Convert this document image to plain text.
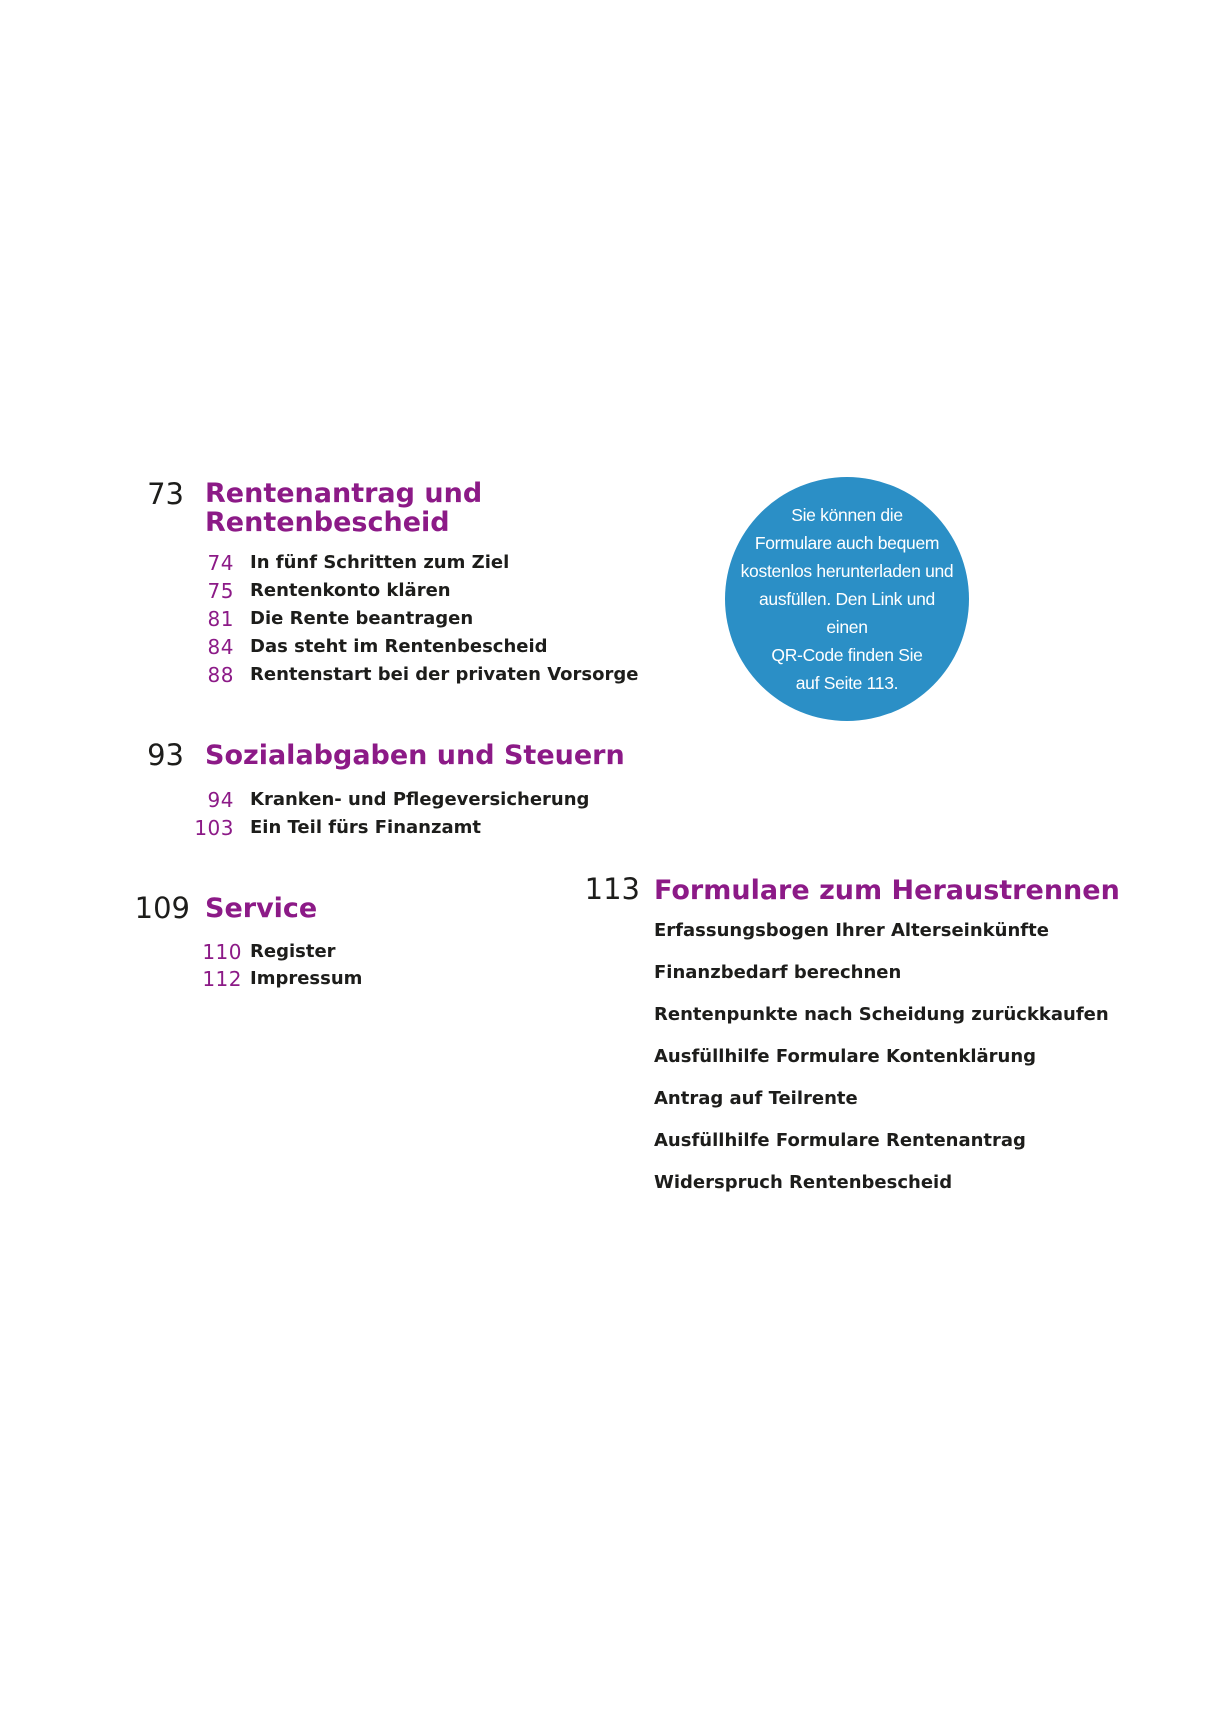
73 Rentenantrag und
Rentenbescheid
74 In fünf Schritten zum Ziel
75 Rentenkonto klären
81 Die Rente beantragen
84 Das steht im Rentenbescheid
88 Rentenstart bei der privaten Vorsorge
93 Sozialabgaben und Steuern
94 Kranken- und Pflegeversicherung
103 Ein Teil fürs Finanzamt
109 Service
110 Register
112 Impressum
113 Formulare zum Heraustrennen
Erfassungsbogen Ihrer Alterseinkünfte
Finanzbedarf berechnen
Rentenpunkte nach Scheidung zurückkaufen
Ausfüllhilfe Formulare Kontenklärung
Antrag auf Teilrente
Ausfüllhilfe Formulare Rentenantrag
Widerspruch Rentenbescheid
Sie können die
Formulare auch bequem
kostenlos herunterladen und
ausfüllen. Den Link und einen
QR-Code finden Sie
auf Seite 113.
